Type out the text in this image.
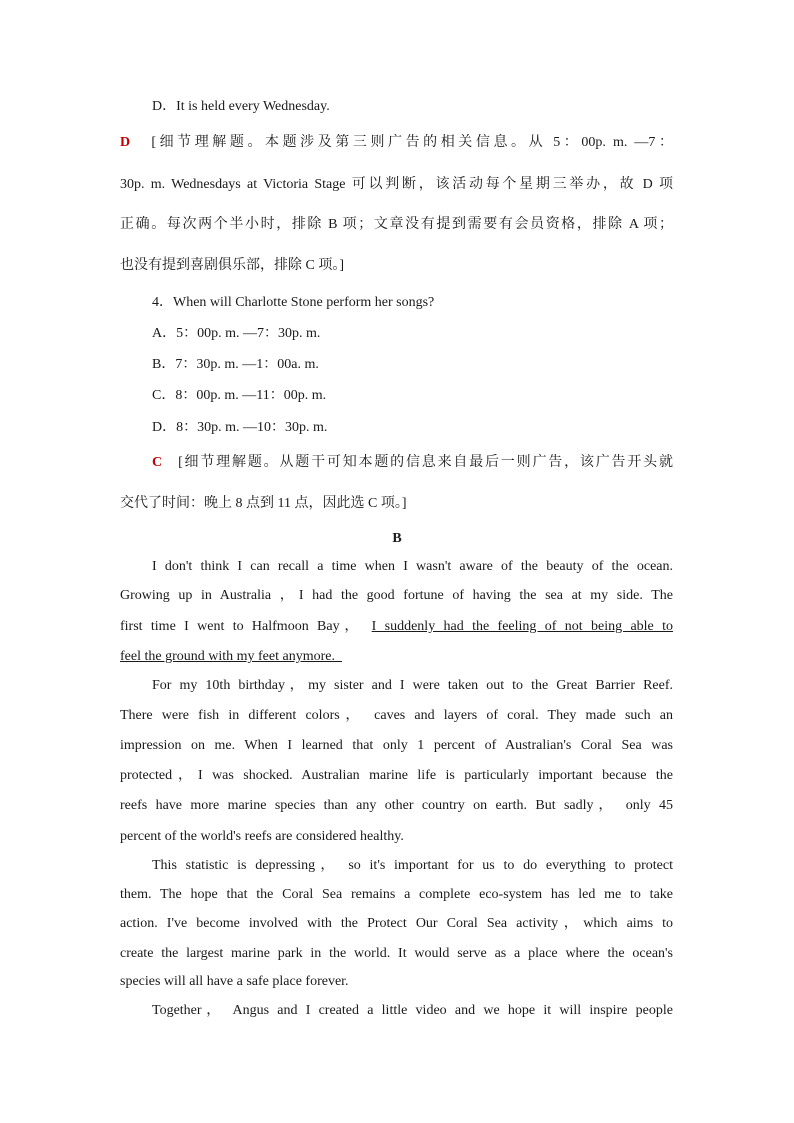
D．It is held every Wednesday.
D [细节理解题。本题涉及第三则广告的相关信息。从 5：00p. m. —7：
30p. m. Wednesdays at Victoria Stage 可以判断，该活动每个星期三举办，故 D 项
正确。每次两个半小时，排除 B 项；文章没有提到需要有会员资格，排除 A 项；
也没有提到喜剧俱乐部，排除 C 项。]
4．When will Charlotte Stone perform her songs?
A．5：00p. m. —7：30p. m.
B．7：30p. m. —1：00a. m.
C．8：00p. m. —11：00p. m.
D．8：30p. m. —10：30p. m.
C [细节理解题。从题干可知本题的信息来自最后一则广告，该广告开头就
交代了时间：晚上 8 点到 11 点，因此选 C 项。]
B
I don't think I can recall a time when I wasn't aware of the beauty of the ocean.
Growing up in Australia ，I had the good fortune of having the sea at my side. The
first time I went to Halfmoon Bay， I suddenly had the feeling of not being able to
feel the ground with my feet anymore.
For my 10th birthday，my sister and I were taken out to the Great Barrier Reef.
There were fish in different colors， caves and layers of coral. They made such an
impression on me. When I learned that only 1 percent of Australian's Coral Sea was
protected，I was shocked. Australian marine life is particularly important because the
reefs have more marine species than any other country on earth. But sadly， only 45
percent of the world's reefs are considered healthy.
This statistic is depressing， so it's important for us to do everything to protect
them. The hope that the Coral Sea remains a complete eco-system has led me to take
action. I've become involved with the Protect Our Coral Sea activity，which aims to
create the largest marine park in the world. It would serve as a place where the ocean's
species will all have a safe place forever.
Together， Angus and I created a little video and we hope it will inspire people
